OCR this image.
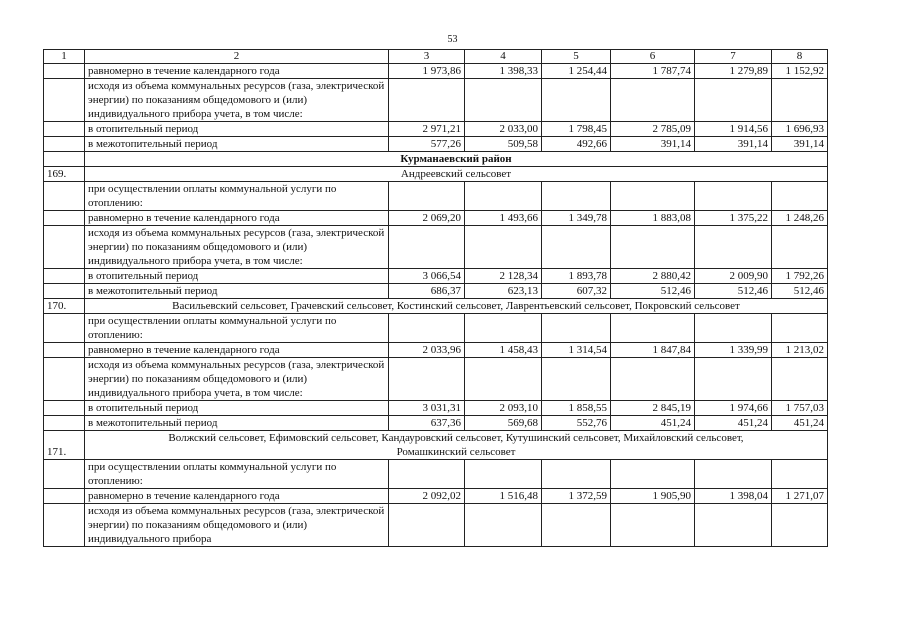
53
1	2	3	4	5	6	7	8
	равномерно в течение календарного года	1 973,86	1 398,33	1 254,44	1 787,74	1 279,89	1 152,92
	исходя из объема коммунальных ресурсов (газа, электрической энергии) по показаниям общедомового и (или) индивидуального прибора учета, в том числе:						
	в отопительный период	2 971,21	2 033,00	1 798,45	2 785,09	1 914,56	1 696,93
	в межотопительный период	577,26	509,58	492,66	391,14	391,14	391,14
	Курманаевский район						
169.	Андреевский сельсовет						
	при осуществлении оплаты коммунальной услуги по отоплению:						
	равномерно в течение календарного года	2 069,20	1 493,66	1 349,78	1 883,08	1 375,22	1 248,26
	исходя из объема коммунальных ресурсов (газа, электрической энергии) по показаниям общедомового и (или) индивидуального прибора учета, в том числе:						
	в отопительный период	3 066,54	2 128,34	1 893,78	2 880,42	2 009,90	1 792,26
	в межотопительный период	686,37	623,13	607,32	512,46	512,46	512,46
170.	Васильевский сельсовет, Грачевский сельсовет, Костинский сельсовет, Лаврентьевский сельсовет, Покровский сельсовет						
	при осуществлении оплаты коммунальной услуги по отоплению:						
	равномерно в течение календарного года	2 033,96	1 458,43	1 314,54	1 847,84	1 339,99	1 213,02
	исходя из объема коммунальных ресурсов (газа, электрической энергии) по показаниям общедомового и (или) индивидуального прибора учета, в том числе:						
	в отопительный период	3 031,31	2 093,10	1 858,55	2 845,19	1 974,66	1 757,03
	в межотопительный период	637,36	569,68	552,76	451,24	451,24	451,24
171.	Волжский сельсовет, Ефимовский сельсовет, Кандауровский сельсовет, Кутушинский сельсовет, Михайловский сельсовет,
Ромашкинский сельсовет						

	при осуществлении оплаты коммунальной услуги по отоплению:						
	равномерно в течение календарного года	2 092,02	1 516,48	1 372,59	1 905,90	1 398,04	1 271,07
	исходя из объема коммунальных ресурсов (газа, электрической энергии) по показаниям общедомового и (или) индивидуального прибора						
